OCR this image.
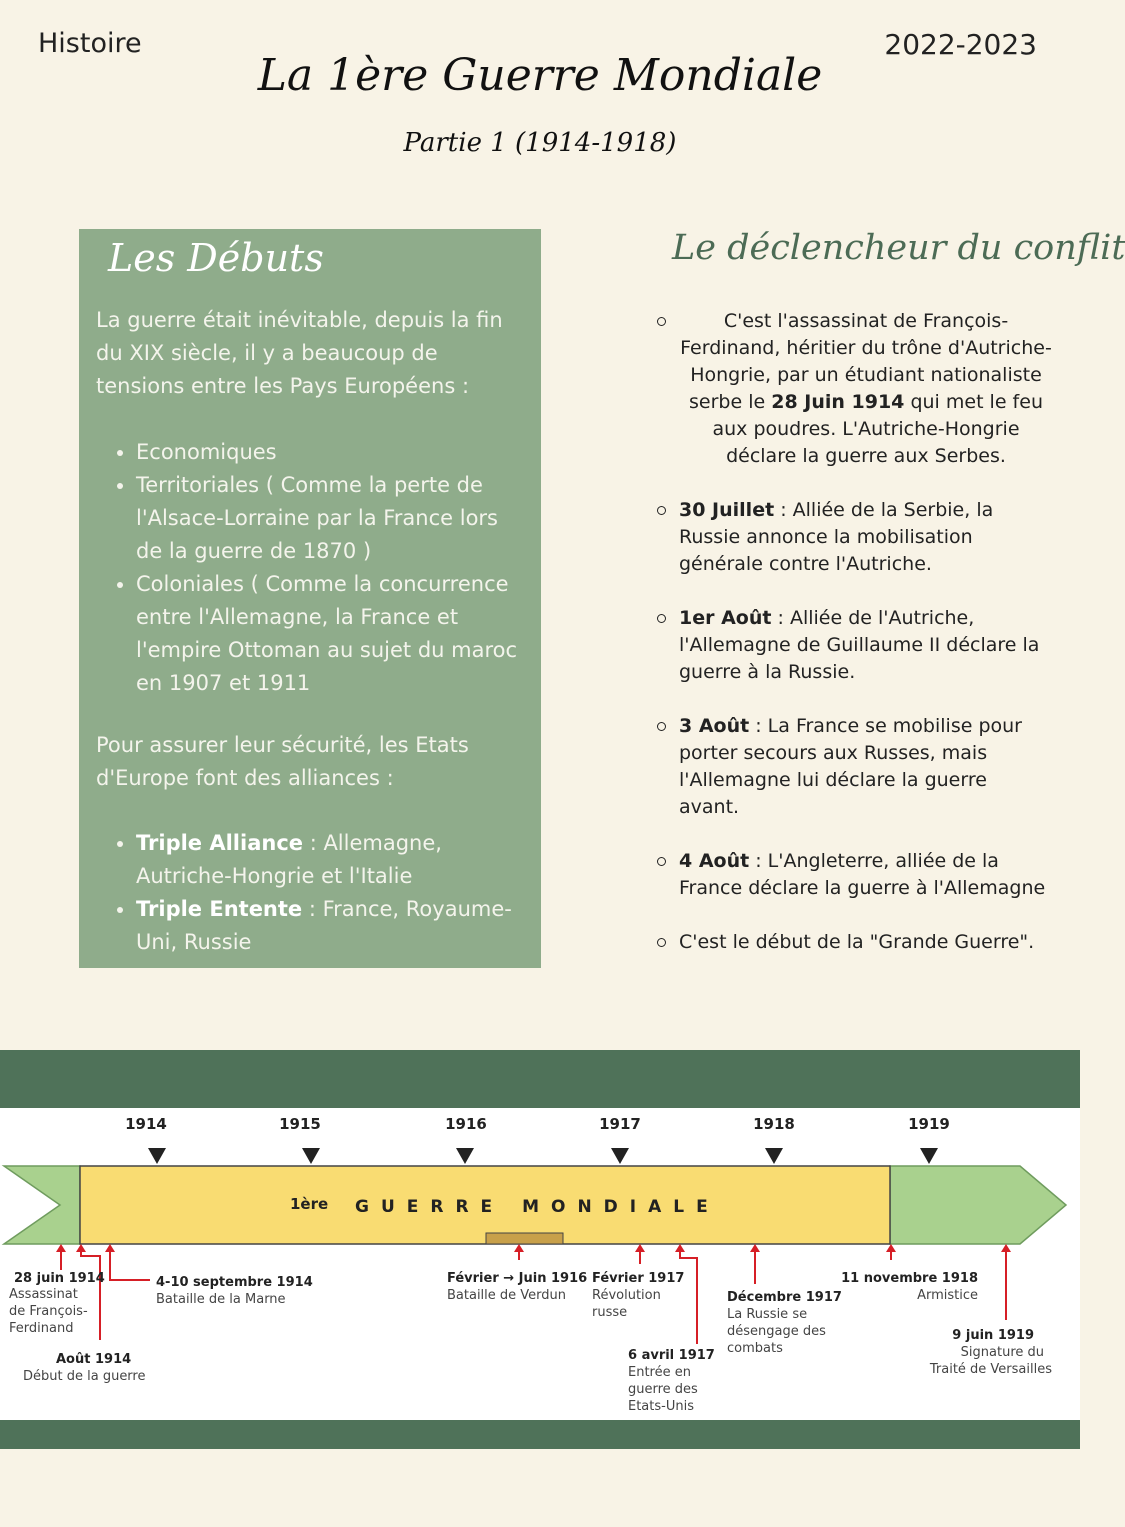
Histoire	2022-2023
La 1ère Guerre Mondiale
Partie 1 (1914-1918)
Les Débuts
La guerre était inévitable, depuis la fin du XIX siècle, il y a beaucoup de tensions entre les Pays Européens :
• Economiques
• Territoriales ( Comme la perte de l'Alsace-Lorraine par la France lors de la guerre de 1870 )
• Coloniales ( Comme la concurrence entre l'Allemagne, la France et l'empire Ottoman au sujet du maroc en 1907 et 1911
Pour assurer leur sécurité, les Etats d'Europe font des alliances :
• Triple Alliance : Allemagne, Autriche-Hongrie et l'Italie
• Triple Entente : France, Royaume-Uni, Russie
Le déclencheur du conflit
C'est l'assassinat de François-Ferdinand, héritier du trône d'Autriche-Hongrie, par un étudiant nationaliste serbe le 28 Juin 1914 qui met le feu aux poudres. L'Autriche-Hongrie déclare la guerre aux Serbes.
30 Juillet : Alliée de la Serbie, la Russie annonce la mobilisation générale contre l'Autriche.
1er Août : Alliée de l'Autriche, l'Allemagne de Guillaume II déclare la guerre à la Russie.
3 Août : La France se mobilise pour porter secours aux Russes, mais l'Allemagne lui déclare la guerre avant.
4 Août : L'Angleterre, alliée de la France déclare la guerre à l'Allemagne
C'est le début de la "Grande Guerre".
1ère GUERRE MONDIALE
1914	1915	1916	1917	1918	1919
28 juin 1914
Assassinat
de François-
Ferdinand
Août 1914
Début de la guerre
4-10 septembre 1914
Bataille de la Marne
Février → Juin 1916
Bataille de Verdun
Février 1917
Révolution
russe
6 avril 1917
Entrée en
guerre des
Etats-Unis
Décembre 1917
La Russie se
désengage des
combats
11 novembre 1918
Armistice
9 juin 1919
Signature du
Traité de Versailles
